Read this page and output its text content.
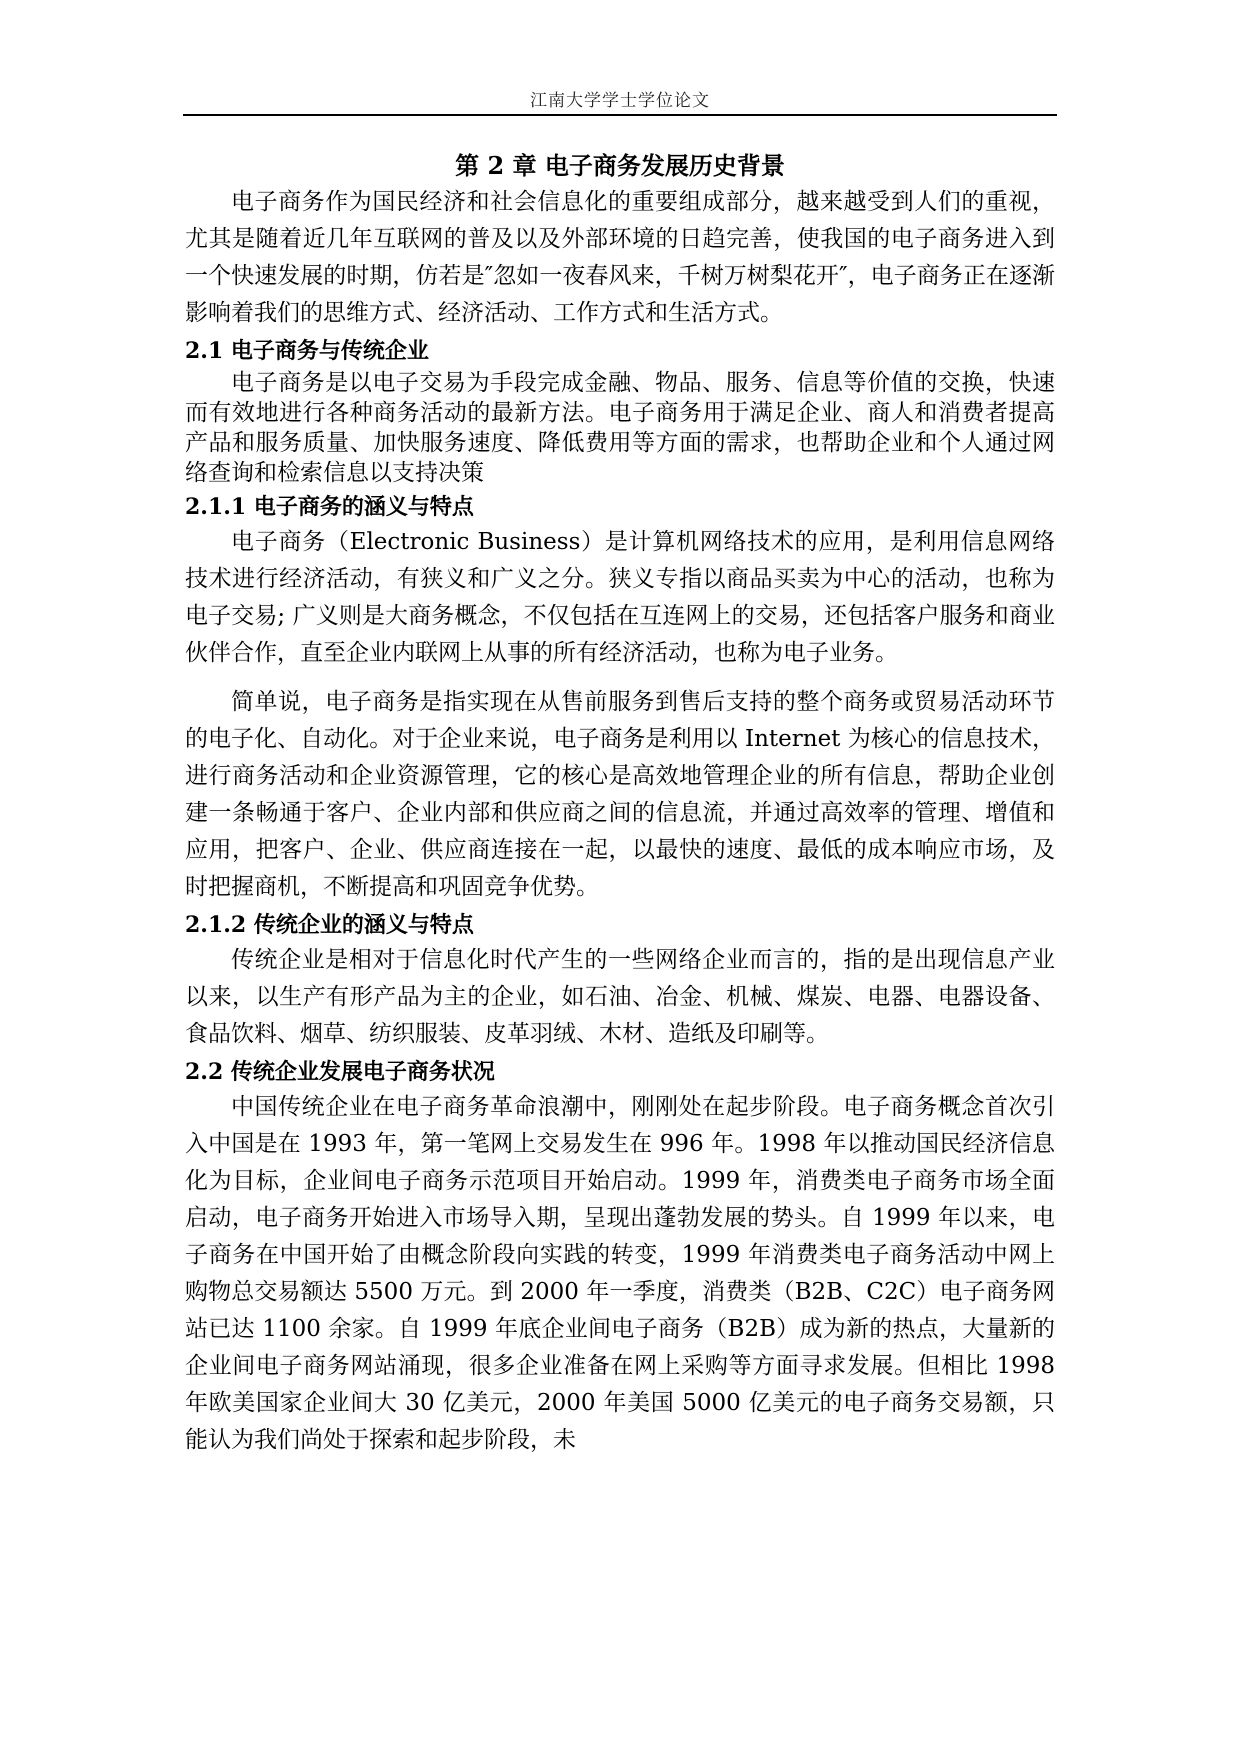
江南大学学士学位论文
第 2 章 电子商务发展历史背景

电子商务作为国民经济和社会信息化的重要组成部分，越来越受到人们的重视，尤其是随着近几年互联网的普及以及外部环境的日趋完善，使我国的电子商务进入到一个快速发展的时期，仿若是″忽如一夜春风来，千树万树梨花开″，电子商务正在逐渐影响着我们的思维方式、经济活动、工作方式和生活方式。

2.1 电子商务与传统企业

电子商务是以电子交易为手段完成金融、物品、服务、信息等价值的交换，快速而有效地进行各种商务活动的最新方法。电子商务用于满足企业、商人和消费者提高产品和服务质量、加快服务速度、降低费用等方面的需求，也帮助企业和个人通过网络查询和检索信息以支持决策

2.1.1 电子商务的涵义与特点

电子商务（Electronic Business）是计算机网络技术的应用，是利用信息网络技术进行经济活动，有狭义和广义之分。狭义专指以商品买卖为中心的活动，也称为电子交易; 广义则是大商务概念，不仅包括在互连网上的交易，还包括客户服务和商业伙伴合作，直至企业内联网上从事的所有经济活动，也称为电子业务。

简单说，电子商务是指实现在从售前服务到售后支持的整个商务或贸易活动环节的电子化、自动化。对于企业来说，电子商务是利用以 Internet 为核心的信息技术，进行商务活动和企业资源管理，它的核心是高效地管理企业的所有信息，帮助企业创建一条畅通于客户、企业内部和供应商之间的信息流，并通过高效率的管理、增值和应用，把客户、企业、供应商连接在一起，以最快的速度、最低的成本响应市场，及时把握商机，不断提高和巩固竞争优势。

2.1.2 传统企业的涵义与特点

传统企业是相对于信息化时代产生的一些网络企业而言的，指的是出现信息产业以来，以生产有形产品为主的企业，如石油、冶金、机械、煤炭、电器、电器设备、食品饮料、烟草、纺织服装、皮革羽绒、木材、造纸及印刷等。

2.2 传统企业发展电子商务状况

中国传统企业在电子商务革命浪潮中，刚刚处在起步阶段。电子商务概念首次引入中国是在 1993 年，第一笔网上交易发生在 996 年。1998 年以推动国民经济信息化为目标，企业间电子商务示范项目开始启动。1999 年，消费类电子商务市场全面启动，电子商务开始进入市场导入期，呈现出蓬勃发展的势头。自 1999 年以来，电子商务在中国开始了由概念阶段向实践的转变，1999 年消费类电子商务活动中网上购物总交易额达 5500 万元。到 2000 年一季度，消费类（B2B、C2C）电子商务网站已达 1100 余家。自 1999 年底企业间电子商务（B2B）成为新的热点，大量新的企业间电子商务网站涌现，很多企业准备在网上采购等方面寻求发展。但相比 1998 年欧美国家企业间大 30 亿美元，2000 年美国 5000 亿美元的电子商务交易额，只能认为我们尚处于探索和起步阶段，未
